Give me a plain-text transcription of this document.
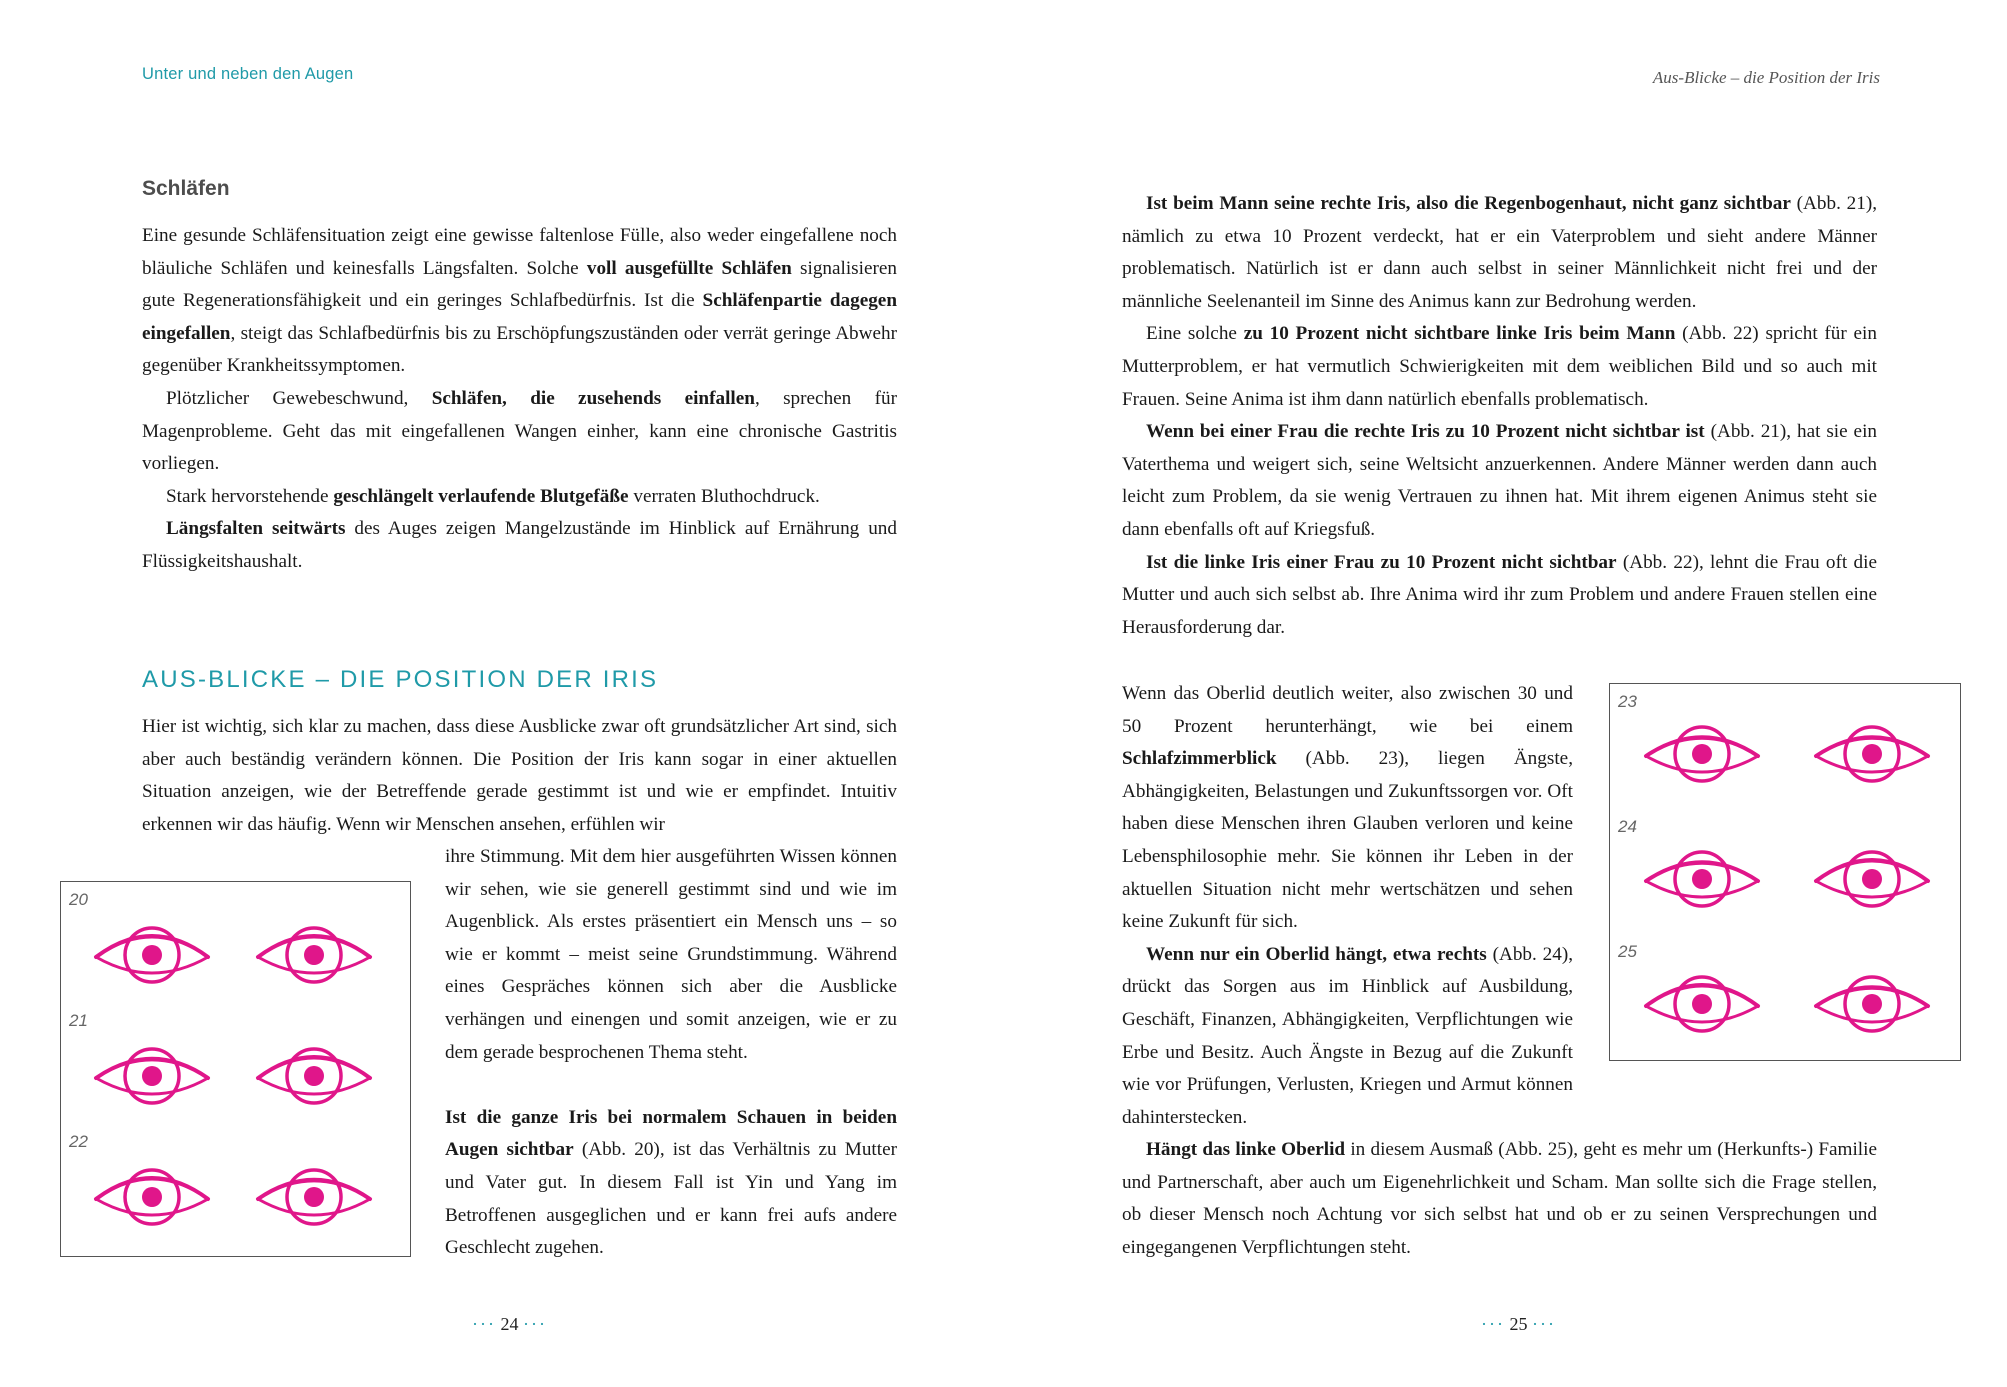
Unter und neben den Augen	Aus-Blicke – die Position der Iris
Schläfen

Eine gesunde Schläfensituation zeigt eine gewisse faltenlose Fülle, also weder eingefallene noch bläuliche Schläfen und keinesfalls Längsfalten. Solche voll ausgefüllte Schläfen signalisieren gute Regenerationsfähigkeit und ein geringes Schlafbedürfnis. Ist die Schläfenpartie dagegen eingefallen, steigt das Schlafbedürfnis bis zu Erschöpfungszuständen oder verrät geringe Abwehr gegenüber Krankheitssymptomen.

Plötzlicher Gewebeschwund, Schläfen, die zusehends einfallen, sprechen für Magenprobleme. Geht das mit eingefallenen Wangen einher, kann eine chronische Gastritis vorliegen.

Stark hervorstehende geschlängelt verlaufende Blutgefäße verraten Bluthochdruck.

Längsfalten seitwärts des Auges zeigen Mangelzustände im Hinblick auf Ernährung und Flüssigkeitshaushalt.

AUS-BLICKE – DIE POSITION DER IRIS

Hier ist wichtig, sich klar zu machen, dass diese Ausblicke zwar oft grundsätzlicher Art sind, sich aber auch beständig verändern können. Die Position der Iris kann sogar in einer aktuellen Situation anzeigen, wie der Betreffende gerade gestimmt ist und wie er empfindet. Intuitiv erkennen wir das häufig. Wenn wir Menschen ansehen, erfühlen wir

ihre Stimmung. Mit dem hier ausgeführten Wissen können wir sehen, wie sie generell gestimmt sind und wie im Augenblick. Als erstes präsentiert ein Mensch uns – so wie er kommt – meist seine Grundstimmung. Während eines Gespräches können sich aber die Ausblicke verhängen und einengen und somit anzeigen, wie er zu dem gerade besprochenen Thema steht.

Ist die ganze Iris bei normalem Schauen in beiden Augen sichtbar (Abb. 20), ist das Verhältnis zu Mutter und Vater gut. In diesem Fall ist Yin und Yang im Betroffenen ausgeglichen und er kann frei aufs andere Geschlecht zugehen.

20
21
22
··· 24 ···

Ist beim Mann seine rechte Iris, also die Regenbogenhaut, nicht ganz sichtbar (Abb. 21), nämlich zu etwa 10 Prozent verdeckt, hat er ein Vaterproblem und sieht andere Männer problematisch. Natürlich ist er dann auch selbst in seiner Männlichkeit nicht frei und der männliche Seelenanteil im Sinne des Animus kann zur Bedrohung werden.

Eine solche zu 10 Prozent nicht sichtbare linke Iris beim Mann (Abb. 22) spricht für ein Mutterproblem, er hat vermutlich Schwierigkeiten mit dem weiblichen Bild und so auch mit Frauen. Seine Anima ist ihm dann natürlich ebenfalls problematisch.

Wenn bei einer Frau die rechte Iris zu 10 Prozent nicht sichtbar ist (Abb. 21), hat sie ein Vaterthema und weigert sich, seine Weltsicht anzuerkennen. Andere Männer werden dann auch leicht zum Problem, da sie wenig Vertrauen zu ihnen hat. Mit ihrem eigenen Animus steht sie dann ebenfalls oft auf Kriegsfuß.

Ist die linke Iris einer Frau zu 10 Prozent nicht sichtbar (Abb. 22), lehnt die Frau oft die Mutter und auch sich selbst ab. Ihre Anima wird ihr zum Problem und andere Frauen stellen eine Herausforderung dar.

Wenn das Oberlid deutlich weiter, also zwischen 30 und 50 Prozent herunterhängt, wie bei einem Schlafzimmerblick (Abb. 23), liegen Ängste, Abhängigkeiten, Belastungen und Zukunftssorgen vor. Oft haben diese Menschen ihren Glauben verloren und keine Lebensphilosophie mehr. Sie können ihr Leben in der aktuellen Situation nicht mehr wertschätzen und sehen keine Zukunft für sich.

Wenn nur ein Oberlid hängt, etwa rechts (Abb. 24), drückt das Sorgen aus im Hinblick auf Ausbildung, Geschäft, Finanzen, Abhängigkeiten, Verpflichtungen wie Erbe und Besitz. Auch Ängste in Bezug auf die Zukunft wie vor Prüfungen, Verlusten, Kriegen und Armut können dahinterstecken.

Hängt das linke Oberlid in diesem Ausmaß (Abb. 25), geht es mehr um (Herkunfts-) Familie und Partnerschaft, aber auch um Eigenehrlichkeit und Scham. Man sollte sich die Frage stellen, ob dieser Mensch noch Achtung vor sich selbst hat und ob er zu seinen Versprechungen und eingegangenen Verpflichtungen steht.

23
24
25
··· 25 ···
